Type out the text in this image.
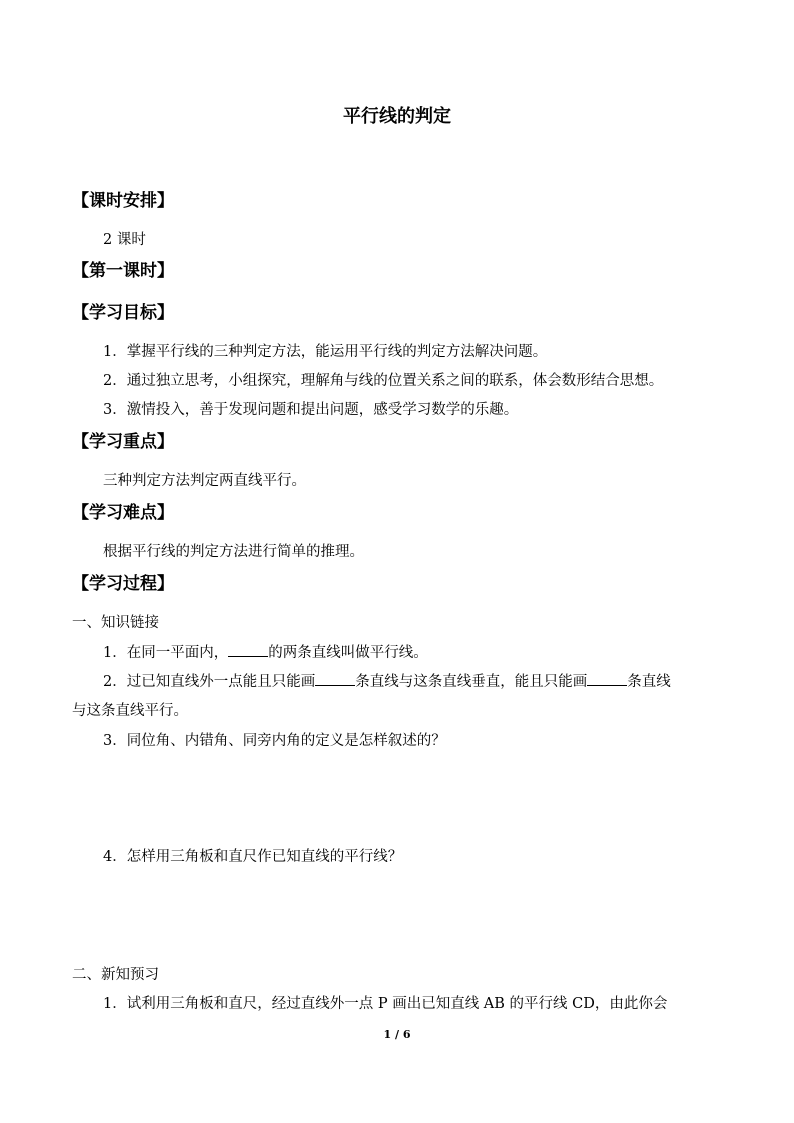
平行线的判定
【课时安排】
2 课时
【第一课时】
【学习目标】
1．掌握平行线的三种判定方法，能运用平行线的判定方法解决问题。
2．通过独立思考，小组探究，理解角与线的位置关系之间的联系，体会数形结合思想。
3．激情投入，善于发现问题和提出问题，感受学习数学的乐趣。
【学习重点】
三种判定方法判定两直线平行。
【学习难点】
根据平行线的判定方法进行简单的推理。
【学习过程】
一、知识链接
1．在同一平面内，	的两条直线叫做平行线。
2．过已知直线外一点能且只能画	条直线与这条直线垂直，能且只能画	条直线
与这条直线平行。
3．同位角、内错角、同旁内角的定义是怎样叙述的？
4．怎样用三角板和直尺作已知直线的平行线？
二、新知预习
1．试利用三角板和直尺，经过直线外一点 P 画出已知直线 AB 的平行线 CD，由此你会
1 / 6
